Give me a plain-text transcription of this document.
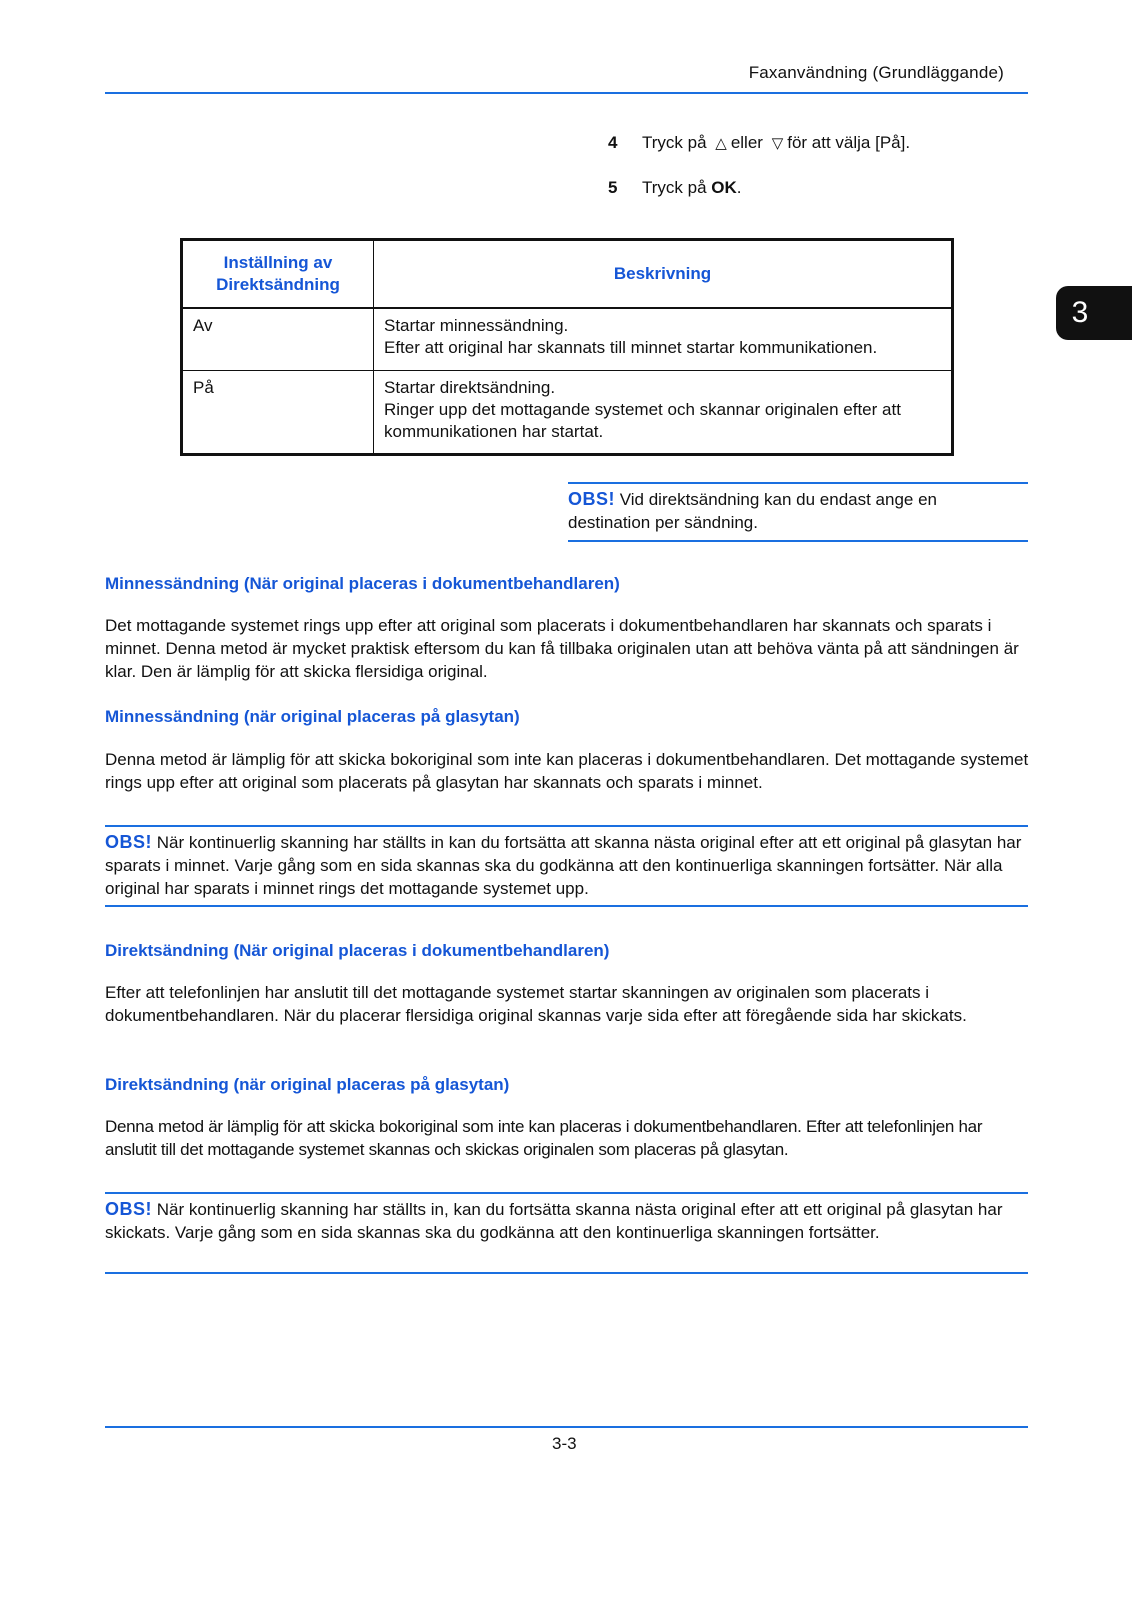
Faxanvändning (Grundläggande)
3
4 Tryck på △ eller ▽ för att välja [På].
5 Tryck på OK.
Inställning av Direktsändning	Beskrivning
Av	Startar minnessändning.
Efter att original har skannats till minnet startar kommunikationen.

På	Startar direktsändning.
Ringer upp det mottagande systemet och skannar originalen efter att kommunikationen har startat.
OBS! Vid direktsändning kan du endast ange en destination per sändning.
Minnessändning (När original placeras i dokumentbehandlaren)
Det mottagande systemet rings upp efter att original som placerats i dokumentbehandlaren har skannats och sparats i minnet. Denna metod är mycket praktisk eftersom du kan få tillbaka originalen utan att behöva vänta på att sändningen är klar. Den är lämplig för att skicka flersidiga original.
Minnessändning (när original placeras på glasytan)
Denna metod är lämplig för att skicka bokoriginal som inte kan placeras i dokumentbehandlaren. Det mottagande systemet rings upp efter att original som placerats på glasytan har skannats och sparats i minnet.
OBS! När kontinuerlig skanning har ställts in kan du fortsätta att skanna nästa original efter att ett original på glasytan har sparats i minnet. Varje gång som en sida skannas ska du godkänna att den kontinuerliga skanningen fortsätter. När alla original har sparats i minnet rings det mottagande systemet upp.
Direktsändning (När original placeras i dokumentbehandlaren)
Efter att telefonlinjen har anslutit till det mottagande systemet startar skanningen av originalen som placerats i dokumentbehandlaren. När du placerar flersidiga original skannas varje sida efter att föregående sida har skickats.
Direktsändning (när original placeras på glasytan)
Denna metod är lämplig för att skicka bokoriginal som inte kan placeras i dokumentbehandlaren. Efter att telefonlinjen har anslutit till det mottagande systemet skannas och skickas originalen som placeras på glasytan.
OBS! När kontinuerlig skanning har ställts in, kan du fortsätta skanna nästa original efter att ett original på glasytan har skickats. Varje gång som en sida skannas ska du godkänna att den kontinuerliga skanningen fortsätter.
3-3
